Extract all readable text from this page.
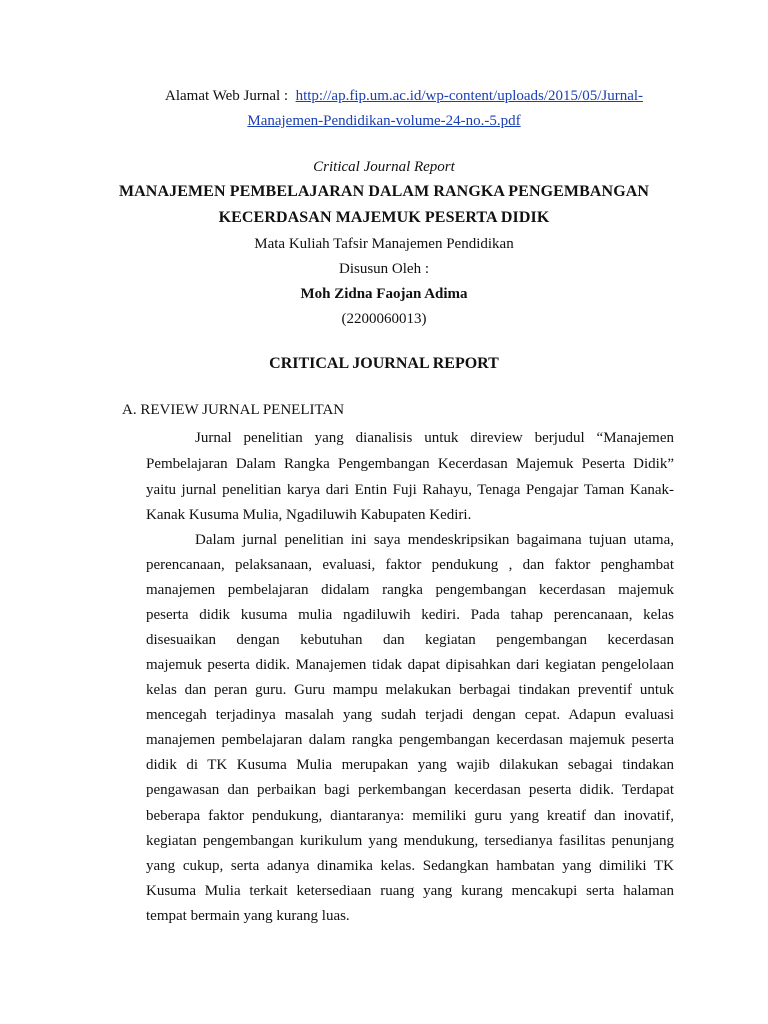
Alamat Web Jurnal : http://ap.fip.um.ac.id/wp-content/uploads/2015/05/Jurnal-
Manajemen-Pendidikan-volume-24-no.-5.pdf
Critical Journal Report
MANAJEMEN PEMBELAJARAN DALAM RANGKA PENGEMBANGAN
KECERDASAN MAJEMUK PESERTA DIDIK
Mata Kuliah Tafsir Manajemen Pendidikan
Disusun Oleh :
Moh Zidna Faojan Adima
(2200060013)
CRITICAL JOURNAL REPORT
A. REVIEW JURNAL PENELITAN
Jurnal penelitian yang dianalisis untuk direview berjudul “Manajemen
Pembelajaran Dalam Rangka Pengembangan Kecerdasan Majemuk Peserta Didik”
yaitu jurnal penelitian karya dari Entin Fuji Rahayu, Tenaga Pengajar Taman Kanak-
Kanak Kusuma Mulia, Ngadiluwih Kabupaten Kediri.
Dalam jurnal penelitian ini saya mendeskripsikan bagaimana tujuan utama,
perencanaan, pelaksanaan, evaluasi, faktor pendukung , dan faktor penghambat
manajemen pembelajaran didalam rangka pengembangan kecerdasan majemuk
peserta didik kusuma mulia ngadiluwih kediri. Pada tahap perencanaan, kelas
disesuaikan dengan kebutuhan dan kegiatan pengembangan kecerdasan
majemuk peserta didik. Manajemen tidak dapat dipisahkan dari kegiatan pengelolaan
kelas dan peran guru. Guru mampu melakukan berbagai tindakan preventif untuk
mencegah terjadinya masalah yang sudah terjadi dengan cepat. Adapun evaluasi
manajemen pembelajaran dalam rangka pengembangan kecerdasan majemuk peserta
didik di TK Kusuma Mulia merupakan yang wajib dilakukan sebagai tindakan
pengawasan dan perbaikan bagi perkembangan kecerdasan peserta didik. Terdapat
beberapa faktor pendukung, diantaranya: memiliki guru yang kreatif dan inovatif,
kegiatan pengembangan kurikulum yang mendukung, tersedianya fasilitas penunjang
yang cukup, serta adanya dinamika kelas. Sedangkan hambatan yang dimiliki TK
Kusuma Mulia terkait ketersediaan ruang yang kurang mencakupi serta halaman
tempat bermain yang kurang luas.
